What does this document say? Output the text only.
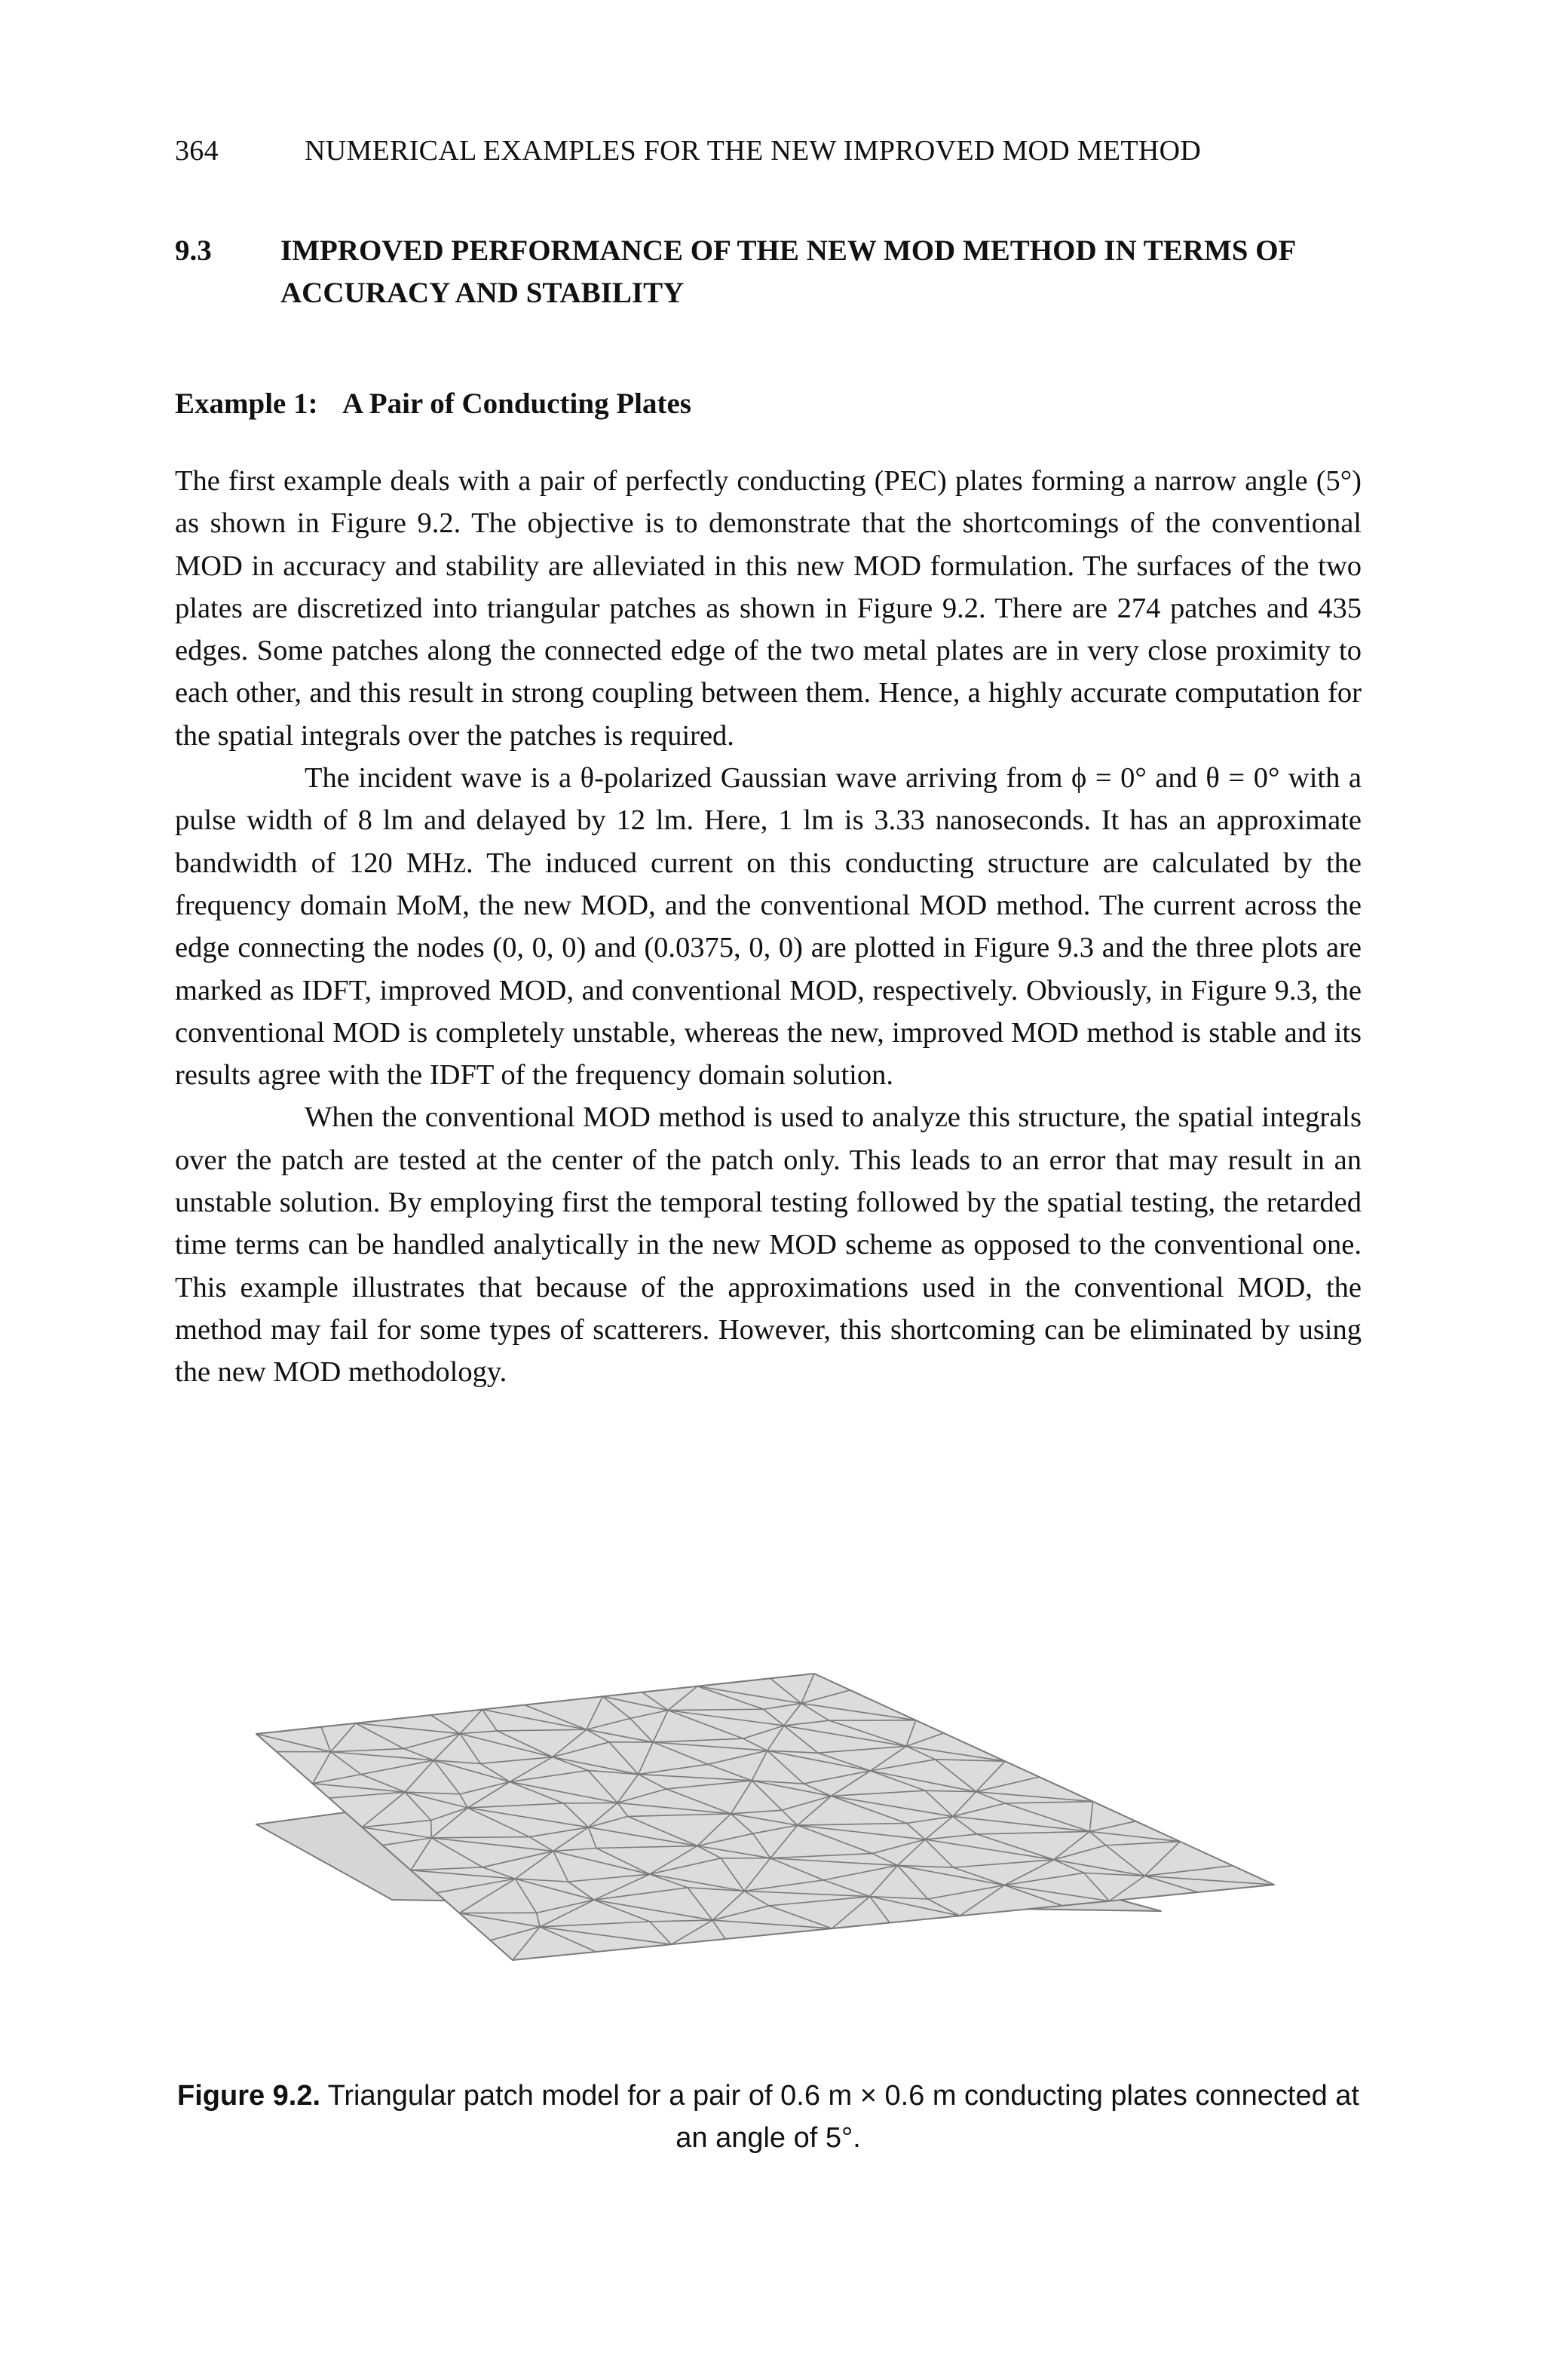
364	NUMERICAL EXAMPLES FOR THE NEW IMPROVED MOD METHOD
9.3 IMPROVED PERFORMANCE OF THE NEW MOD METHOD IN TERMS OF ACCURACY AND STABILITY
Example 1: A Pair of Conducting Plates

The first example deals with a pair of perfectly conducting (PEC) plates forming a narrow angle (5°) as shown in Figure 9.2. The objective is to demonstrate that the shortcomings of the conventional MOD in accuracy and stability are alleviated in this new MOD formulation. The surfaces of the two plates are discretized into triangular patches as shown in Figure 9.2. There are 274 patches and 435 edges. Some patches along the connected edge of the two metal plates are in very close proximity to each other, and this result in strong coupling between them. Hence, a highly accurate computation for the spatial integrals over the patches is required.

The incident wave is a θ-polarized Gaussian wave arriving from ϕ = 0° and θ = 0° with a pulse width of 8 lm and delayed by 12 lm. Here, 1 lm is 3.33 nanoseconds. It has an approximate bandwidth of 120 MHz. The induced current on this conducting structure are calculated by the frequency domain MoM, the new MOD, and the conventional MOD method. The current across the edge connecting the nodes (0, 0, 0) and (0.0375, 0, 0) are plotted in Figure 9.3 and the three plots are marked as IDFT, improved MOD, and conventional MOD, respectively. Obviously, in Figure 9.3, the conventional MOD is completely unstable, whereas the new, improved MOD method is stable and its results agree with the IDFT of the frequency domain solution.

When the conventional MOD method is used to analyze this structure, the spatial integrals over the patch are tested at the center of the patch only. This leads to an error that may result in an unstable solution. By employing first the temporal testing followed by the spatial testing, the retarded time terms can be handled analytically in the new MOD scheme as opposed to the conventional one. This example illustrates that because of the approximations used in the conventional MOD, the method may fail for some types of scatterers. However, this shortcoming can be eliminated by using the new MOD methodology.

Figure 9.2. Triangular patch model for a pair of 0.6 m × 0.6 m conducting plates connected at an angle of 5°.
